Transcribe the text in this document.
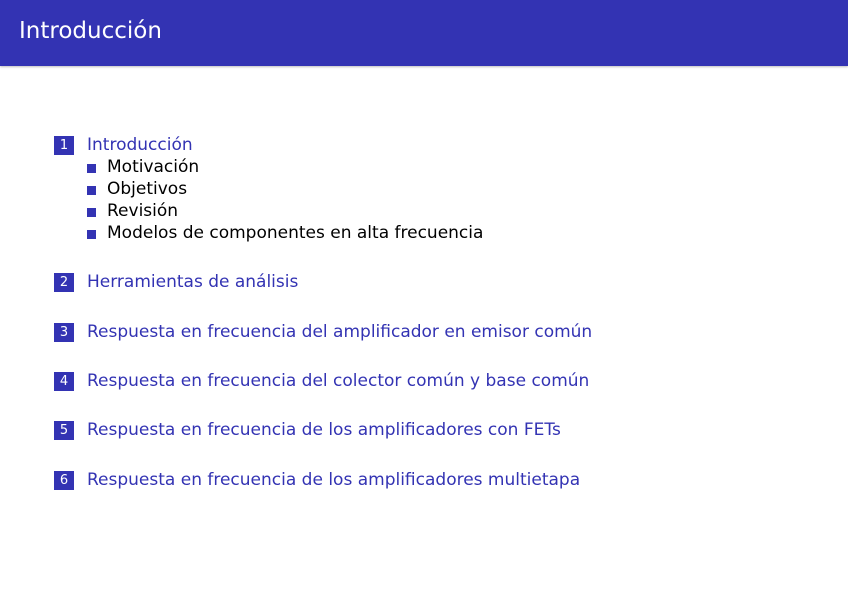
Introducción
1	Introducción
Motivación
Objetivos
Revisión
Modelos de componentes en alta frecuencia
2	Herramientas de análisis
3	Respuesta en frecuencia del amplificador en emisor común
4	Respuesta en frecuencia del colector común y base común
5	Respuesta en frecuencia de los amplificadores con FETs
6	Respuesta en frecuencia de los amplificadores multietapa
